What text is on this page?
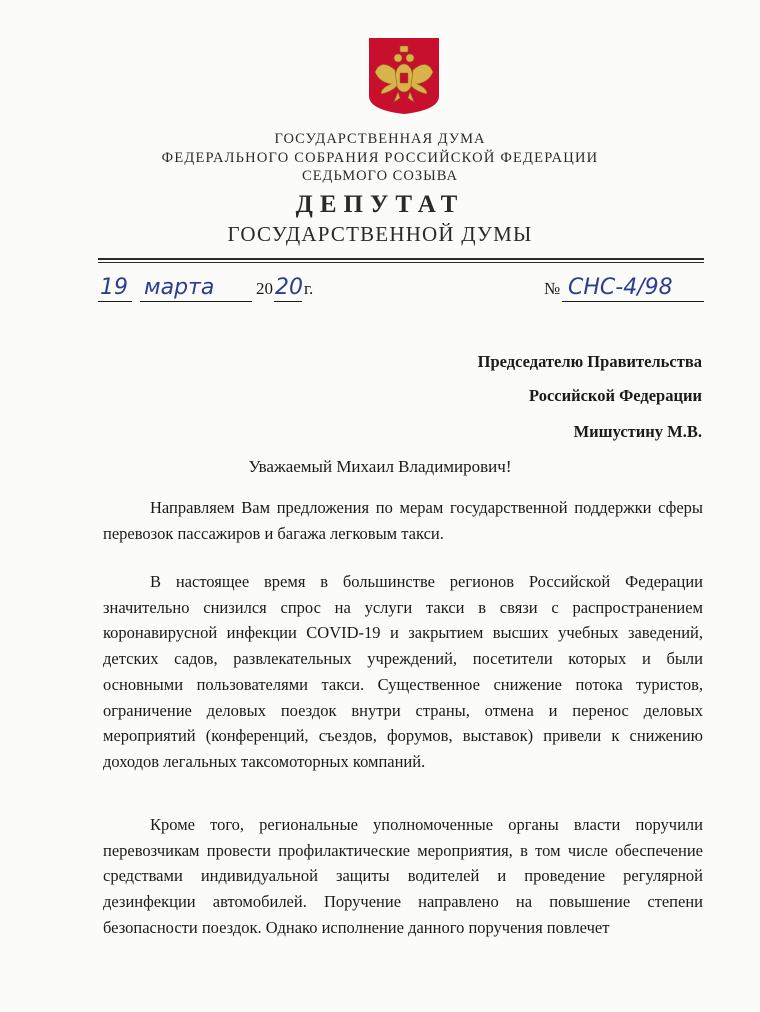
ГОСУДАРСТВЕННАЯ ДУМА
ФЕДЕРАЛЬНОГО СОБРАНИЯ РОССИЙСКОЙ ФЕДЕРАЦИИ
СЕДЬМОГО СОЗЫВА
ДЕПУТАТ
ГОСУДАРСТВЕННОЙ ДУМЫ
19 марта 20 20 г.	№ СНС-4/98
Председателю Правительства
Российской Федерации
Мишустину М.В.
Уважаемый Михаил Владимирович!
Направляем Вам предложения по мерам государственной поддержки сферы перевозок пассажиров и багажа легковым такси.
В настоящее время в большинстве регионов Российской Федерации значительно снизился спрос на услуги такси в связи с распространением коронавирусной инфекции COVID-19 и закрытием высших учебных заведений, детских садов, развлекательных учреждений, посетители которых и были основными пользователями такси. Существенное снижение потока туристов, ограничение деловых поездок внутри страны, отмена и перенос деловых мероприятий (конференций, съездов, форумов, выставок) привели к снижению доходов легальных таксомоторных компаний.
Кроме того, региональные уполномоченные органы власти поручили перевозчикам провести профилактические мероприятия, в том числе обеспечение средствами индивидуальной защиты водителей и проведение регулярной дезинфекции автомобилей. Поручение направлено на повышение степени безопасности поездок. Однако исполнение данного поручения повлечет
